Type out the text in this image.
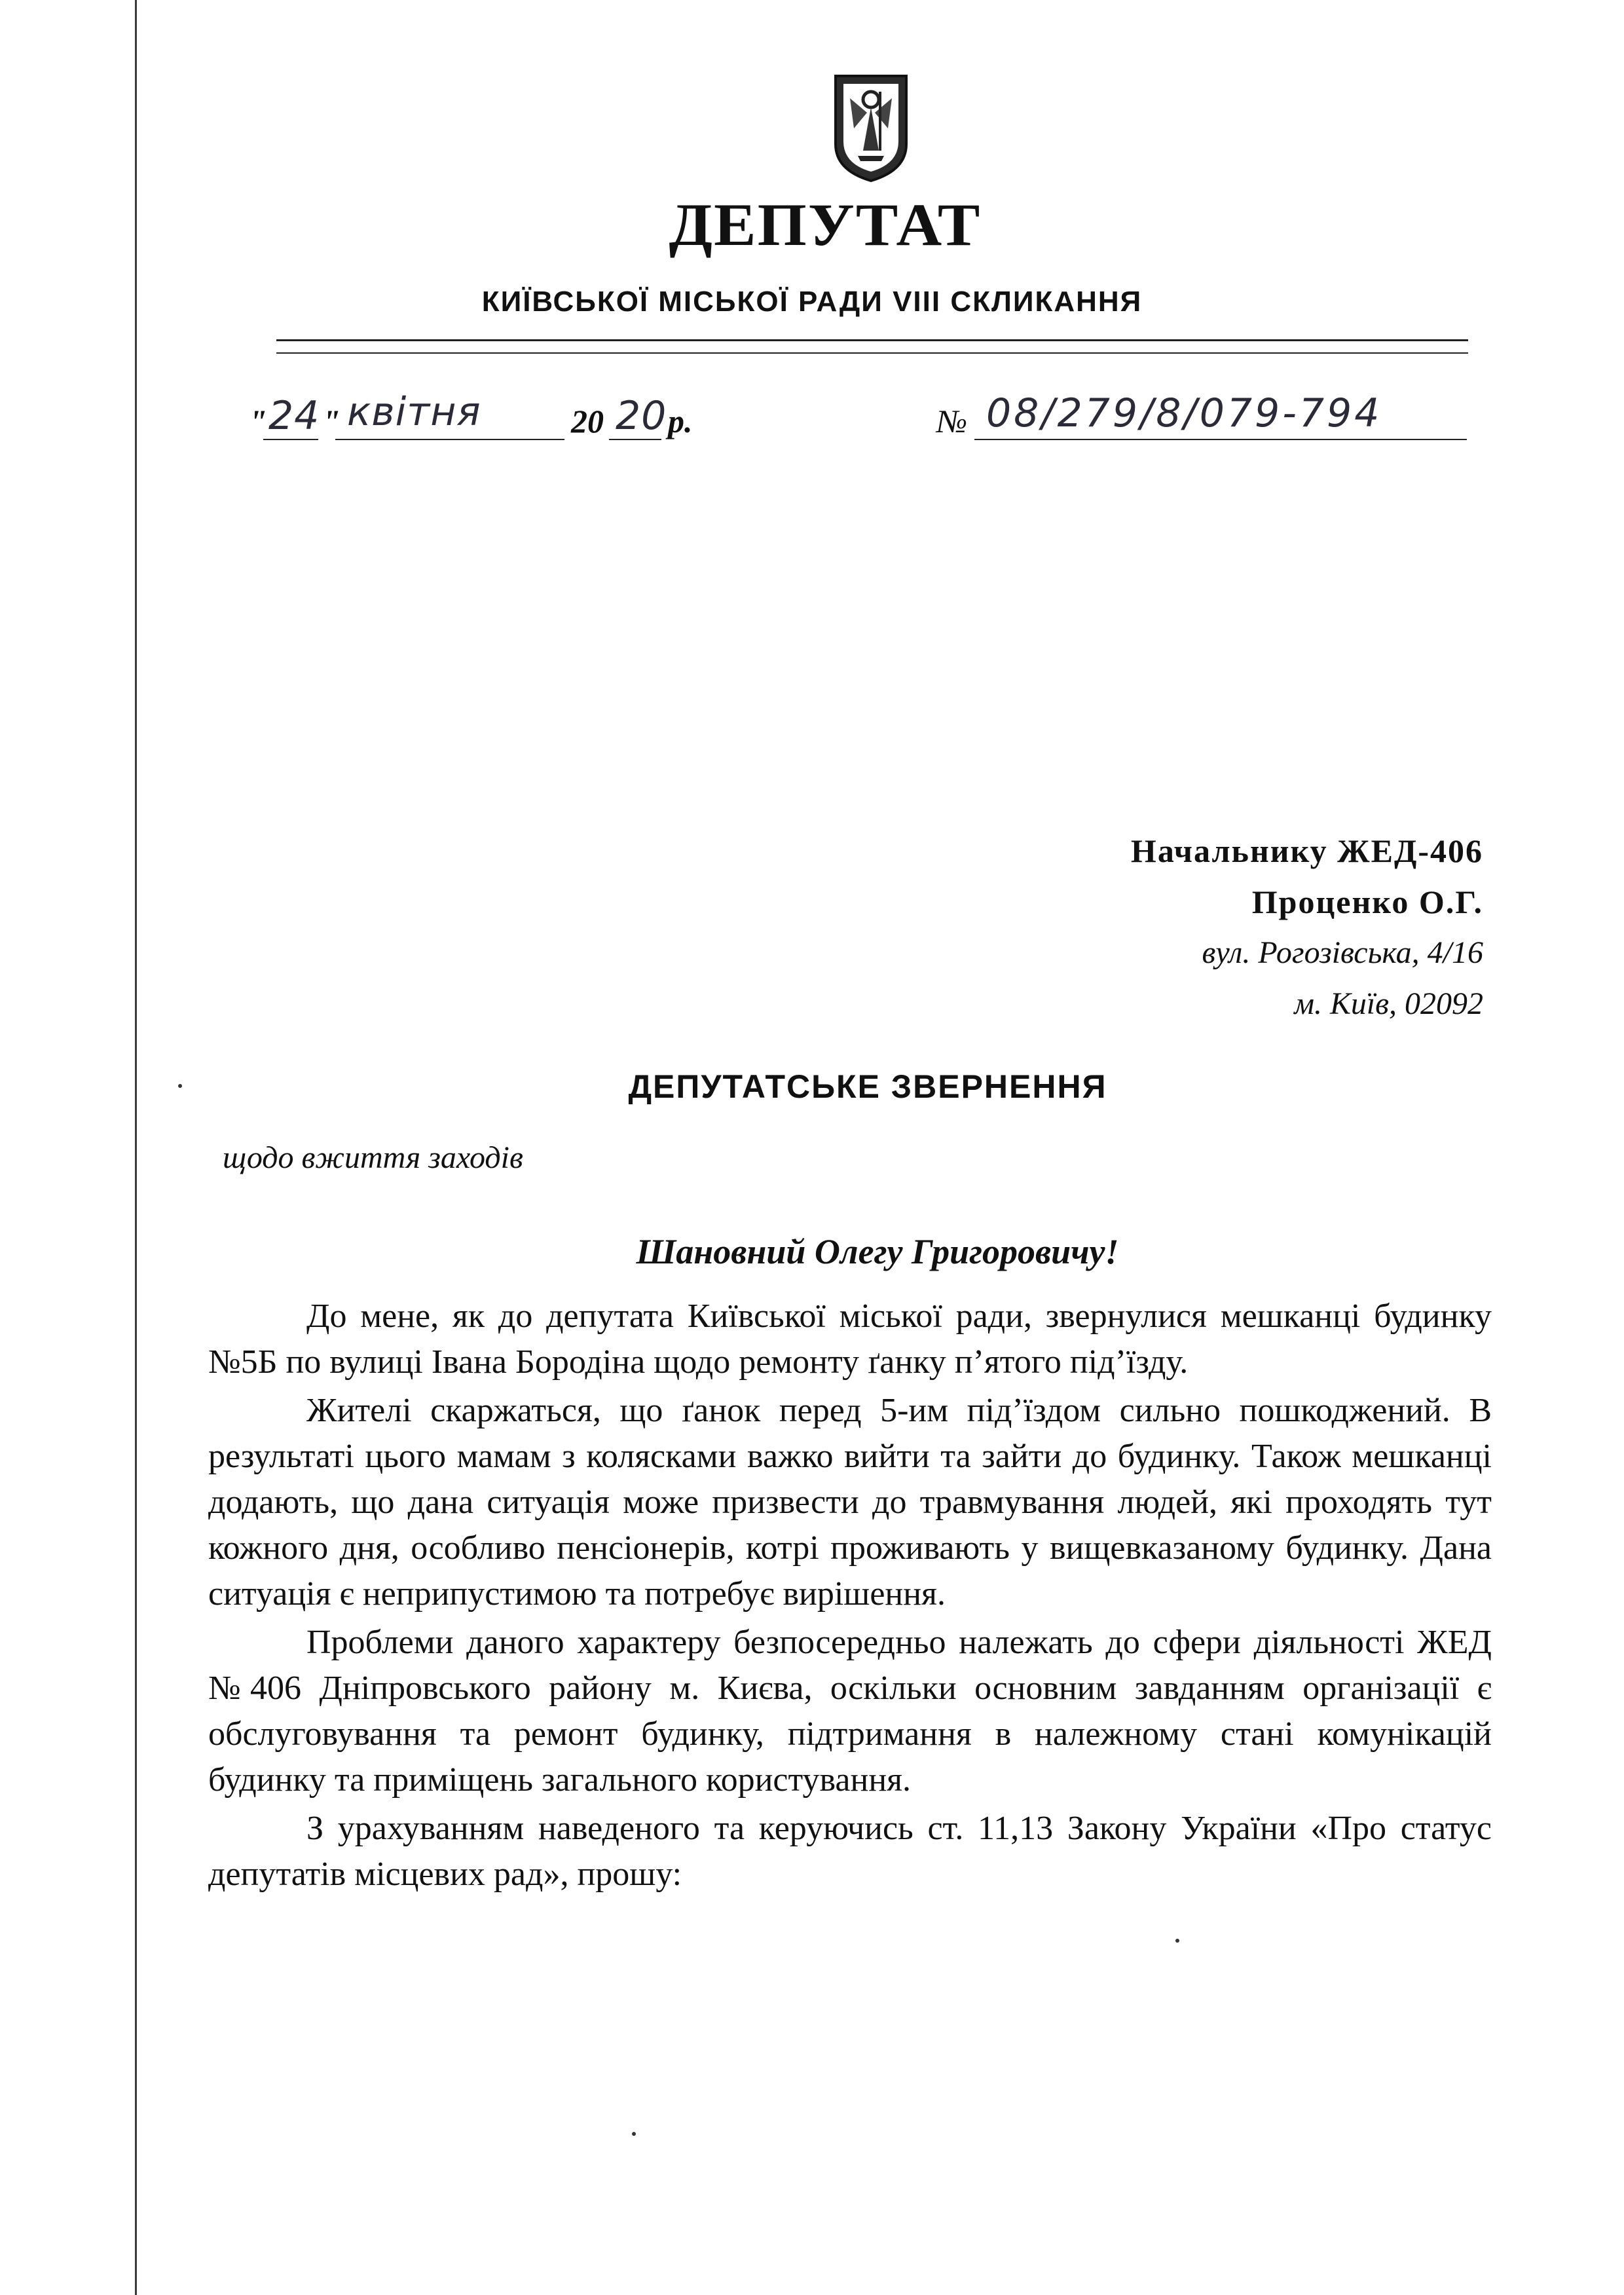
ДЕПУТАТ
КИЇВСЬКОЇ МІСЬКОЇ РАДИ VIII СКЛИКАННЯ
" 24 " квітня	20 20 р.	№ 08/279/8/079-794
Начальнику ЖЕД-406
Проценко О.Г.
вул. Рогозівська, 4/16
м. Київ, 02092
ДЕПУТАТСЬКЕ ЗВЕРНЕННЯ
щодо вжиття заходів
Шановний Олегу Григоровичу!

До мене, як до депутата Київської міської ради, звернулися мешканці будинку №5Б по вулиці Івана Бородіна щодо ремонту ґанку п’ятого під’їзду.

Жителі скаржаться, що ґанок перед 5-им під’їздом сильно пошкоджений. В результаті цього мамам з колясками важко вийти та зайти до будинку. Також мешканці додають, що дана ситуація може призвести до травмування людей, які проходять тут кожного дня, особливо пенсіонерів, котрі проживають у вищевказаному будинку. Дана ситуація є неприпустимою та потребує вирішення.

Проблеми даного характеру безпосередньо належать до сфери діяльності ЖЕД №406 Дніпровського району м. Києва, оскільки основним завданням організації є обслуговування та ремонт будинку, підтримання в належному стані комунікацій будинку та приміщень загального користування.

З урахуванням наведеного та керуючись ст. 11,13 Закону України «Про статус депутатів місцевих рад», прошу:
